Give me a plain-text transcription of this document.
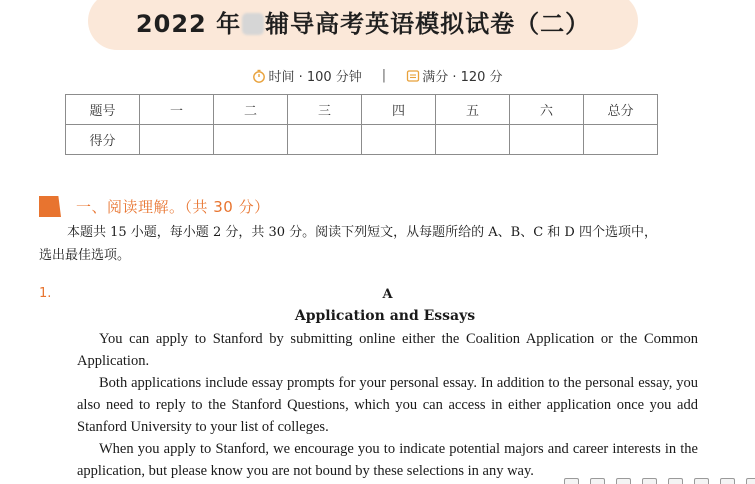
2022 年 辅导高考英语模拟试卷（二）
时间 · 100 分钟 |	满分 · 120 分
题号	一	二	三	四	五	六	总分
得分							
一、阅读理解。（共 30 分）
本题共 15 小题，每小题 2 分，共 30 分。阅读下列短文，从每题所给的 A、B、C 和 D 四个选项中，
选出最佳选项。
1.	A
Application and Essays

You can apply to Stanford by submitting online either the Coalition Application or the Common Application.

Both applications include essay prompts for your personal essay. In addition to the personal essay, you also need to reply to the Stanford Questions, which you can access in either application once you add Stanford University to your list of colleges.

When you apply to Stanford, we encourage you to indicate potential majors and career interests in the application, but please know you are not bound by these selections in any way.
